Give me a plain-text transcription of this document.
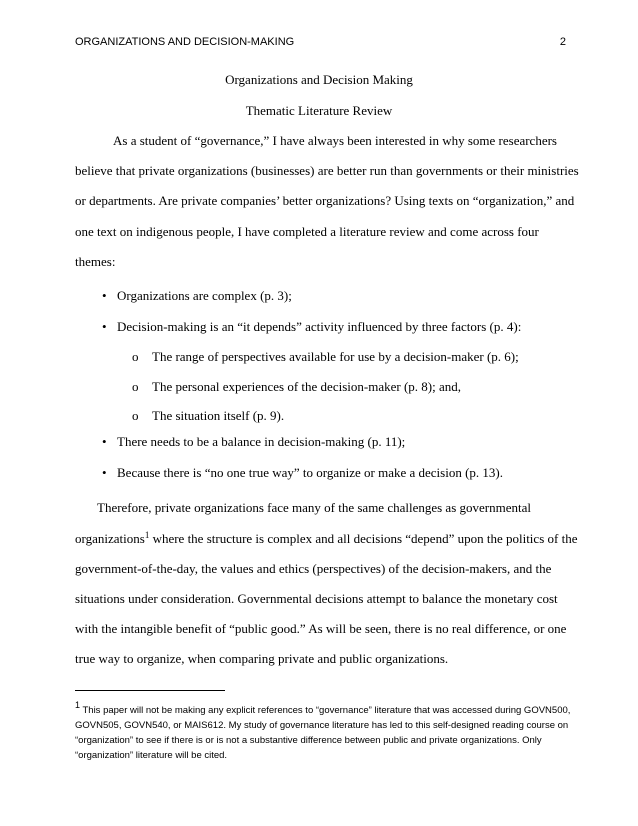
ORGANIZATIONS AND DECISION-MAKING	2
Organizations and Decision Making
Thematic Literature Review
As a student of “governance,” I have always been interested in why some researchers
believe that private organizations (businesses) are better run than governments or their ministries
or departments. Are private companies’ better organizations? Using texts on “organization,” and
one text on indigenous people, I have completed a literature review and come across four
themes:
• Organizations are complex (p. 3);
• Decision-making is an “it depends” activity influenced by three factors (p. 4):
o The range of perspectives available for use by a decision-maker (p. 6);
o The personal experiences of the decision-maker (p. 8); and,
o The situation itself (p. 9).
• There needs to be a balance in decision-making (p. 11);
• Because there is “no one true way” to organize or make a decision (p. 13).
Therefore, private organizations face many of the same challenges as governmental
organizations$^1$ where the structure is complex and all decisions “depend” upon the politics of the
government-of-the-day, the values and ethics (perspectives) of the decision-makers, and the
situations under consideration. Governmental decisions attempt to balance the monetary cost
with the intangible benefit of “public good.” As will be seen, there is no real difference, or one
true way to organize, when comparing private and public organizations.
$^1$ This paper will not be making any explicit references to “governance” literature that was accessed during GOVN500, GOVN505, GOVN540, or MAIS612. My study of governance literature has led to this self-designed reading course on “organization” to see if there is or is not a substantive difference between public and private organizations. Only “organization” literature will be cited.
